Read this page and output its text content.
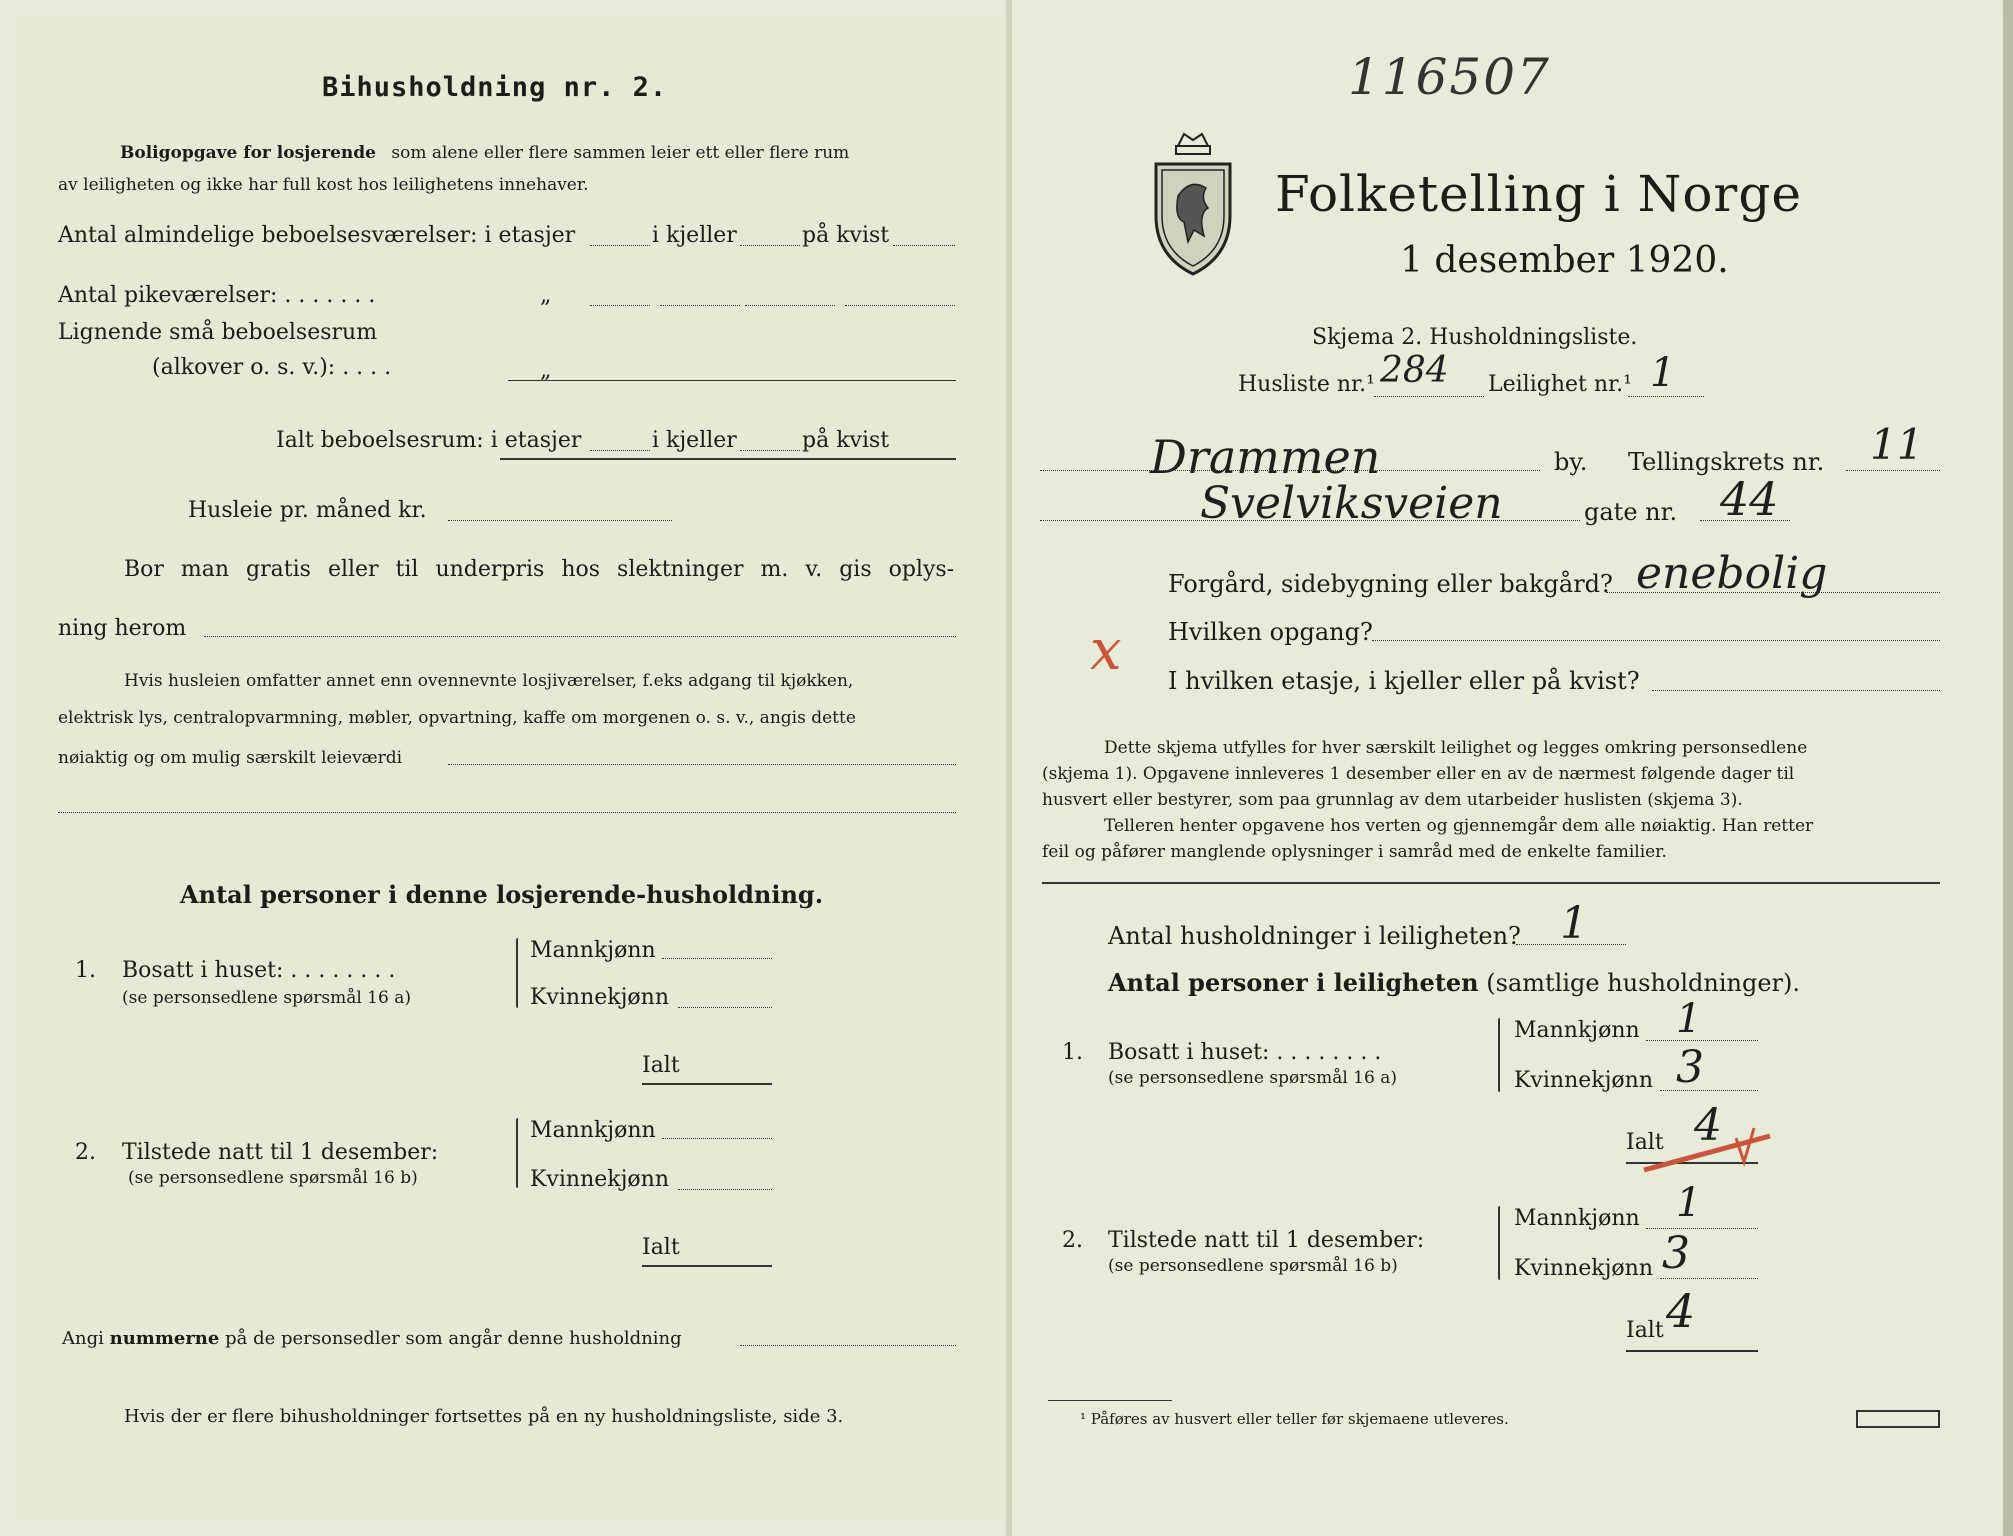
Bihusholdning nr. 2.
Boligopgave for losjerende som alene eller flere sammen leier ett eller flere rum
av leiligheten og ikke har full kost hos leilighetens innehaver.
Antal almindelige beboelsesværelser: i etasjer	i kjeller	på kvist
Antal pikeværelser: . . . . . . .	„
Lignende små beboelsesrum
(alkover o. s. v.): . . . .	„
Ialt beboelsesrum: i etasjer	i kjeller	på kvist
Husleie pr. måned kr.
Bor man gratis eller til underpris hos slektninger m. v. gis oplys-
ning herom
Hvis husleien omfatter annet enn ovennevnte losjiværelser, f.eks adgang til kjøkken,
elektrisk lys, centralopvarmning, møbler, opvartning, kaffe om morgenen o. s. v., angis dette
nøiaktig og om mulig særskilt leieværdi
Antal personer i denne losjerende-husholdning.
1. Bosatt i huset: . . . . . . . .
(se personsedlene spørsmål 16 a)
Mannkjønn
Kvinnekjønn
Ialt
2. Tilstede natt til 1 desember:
(se personsedlene spørsmål 16 b)
Mannkjønn
Kvinnekjønn
Ialt
Angi nummerne på de personsedler som angår denne husholdning
Hvis der er flere bihusholdninger fortsettes på en ny husholdningsliste, side 3.
116507
Folketelling i Norge
1 desember 1920.
Skjema 2. Husholdningsliste.
Husliste nr.¹ 284 Leilighet nr.¹ 1
Drammen	by. Tellingskrets nr. 11
Svelviksveien	gate nr. 44
Forgård, sidebygning eller bakgård? enebolig
x Hvilken opgang?
I hvilken etasje, i kjeller eller på kvist?
Dette skjema utfylles for hver særskilt leilighet og legges omkring personsedlene
(skjema 1). Opgavene innleveres 1 desember eller en av de nærmest følgende dager til
husvert eller bestyrer, som paa grunnlag av dem utarbeider huslisten (skjema 3).
Telleren henter opgavene hos verten og gjennemgår dem alle nøiaktig. Han retter
feil og påfører manglende oplysninger i samråd med de enkelte familier.
Antal husholdninger i leiligheten? 1
Antal personer i leiligheten (samtlige husholdninger).
1. Bosatt i huset: . . . . . . . .
(se personsedlene spørsmål 16 a)
Mannkjønn 1
Kvinnekjønn 3
Ialt 4
2. Tilstede natt til 1 desember:
(se personsedlene spørsmål 16 b)
Mannkjønn 1
Kvinnekjønn 3
Ialt 4
¹ Påføres av husvert eller teller før skjemaene utleveres.
